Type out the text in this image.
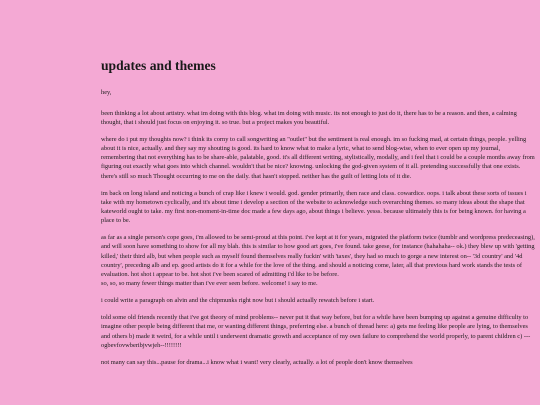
updates and themes

hey,

been thinking a lot about artistry. what im doing with this blog. what im doing with music. its not enough to just do it, there has to be a reason. and then, a calming thought, that i should just focus on enjoying it. so true. but a project makes you beautiful.

where do i put my thoughts now? i think its corny to call songwriting an "outlet" but the sentiment is real enough. im so fucking mad, at certain things, people. yelling about it is nice, actually. and they say my shouting is good. its hard to know what to make a lyric, what to send blog-wise, when to ever open up my journal, remembering that not everything has to be share-able, palatable, good. it's all different writing, stylistically, modally, and i feel that i could be a couple months away from figuring out exactly what goes into which channel. wouldn't that be nice? knowing. unlocking the god-given system of it all. pretending successfully that one exists. there's still so much Thought occurring to me on the daily. that hasn't stopped. neither has the guilt of letting lots of it die.

im back on long island and noticing a bunch of crap like i knew i would. god. gender primarily, then race and class. cowardice. oops. i talk about these sorts of issues i take with my hometown cyclically, and it's about time i develop a section of the website to acknowledge such overarching themes. so many ideas about the shape that kateworld ought to take. my first non-moment-in-time doc made a few days ago, about things i believe. yesss. because ultimately this is for being known. for having a place to be.

as far as a single person's cope goes, i'm allowed to be semi-proud at this point. i've kept at it for years, migrated the platform twice (tumblr and wordpress predeceasing), and will soon have something to show for all my blah. this is similar to how good art goes, i've found. take geese, for instance (hahahaha-- ok.) they blew up with 'getting killed,' their third alb, but when people such as myself found themselves really fuckin' with 'taxes', they had so much to gorge a new interest on-- '3d country' and '4d country', preceding alb and ep. good artists do it for a while for the love of the thing. and should a noticing come, later, all that previous hard work stands the tests of evaluation. hot shot i appear to be. hot shot i've been scared of admitting i'd like to be before.
so, so, so many fewer things matter than i've ever seen before. welcome! i say to me.

i could write a paragraph on alvin and the chipmunks right now but i should actually rewatch before i start.

told some old friends recently that i've got theory of mind problems-- never put it that way before, but for a while have been bumping up against a genuine difficulty to imagine other people being different that me, or wanting different things, preferring else. a bunch of thread here: a) gets me feeling like people are lying, to themselves and others b) made it weird, for a while until i underwent dramatic growth and acceptance of my own failure to comprehend the world properly, to parent children c) ---ogbevfovwberibjvwjeh--!!!!!!!!

not many can say this...pause for drama...i know what i want! very clearly, actually. a lot of people don't know themselves
